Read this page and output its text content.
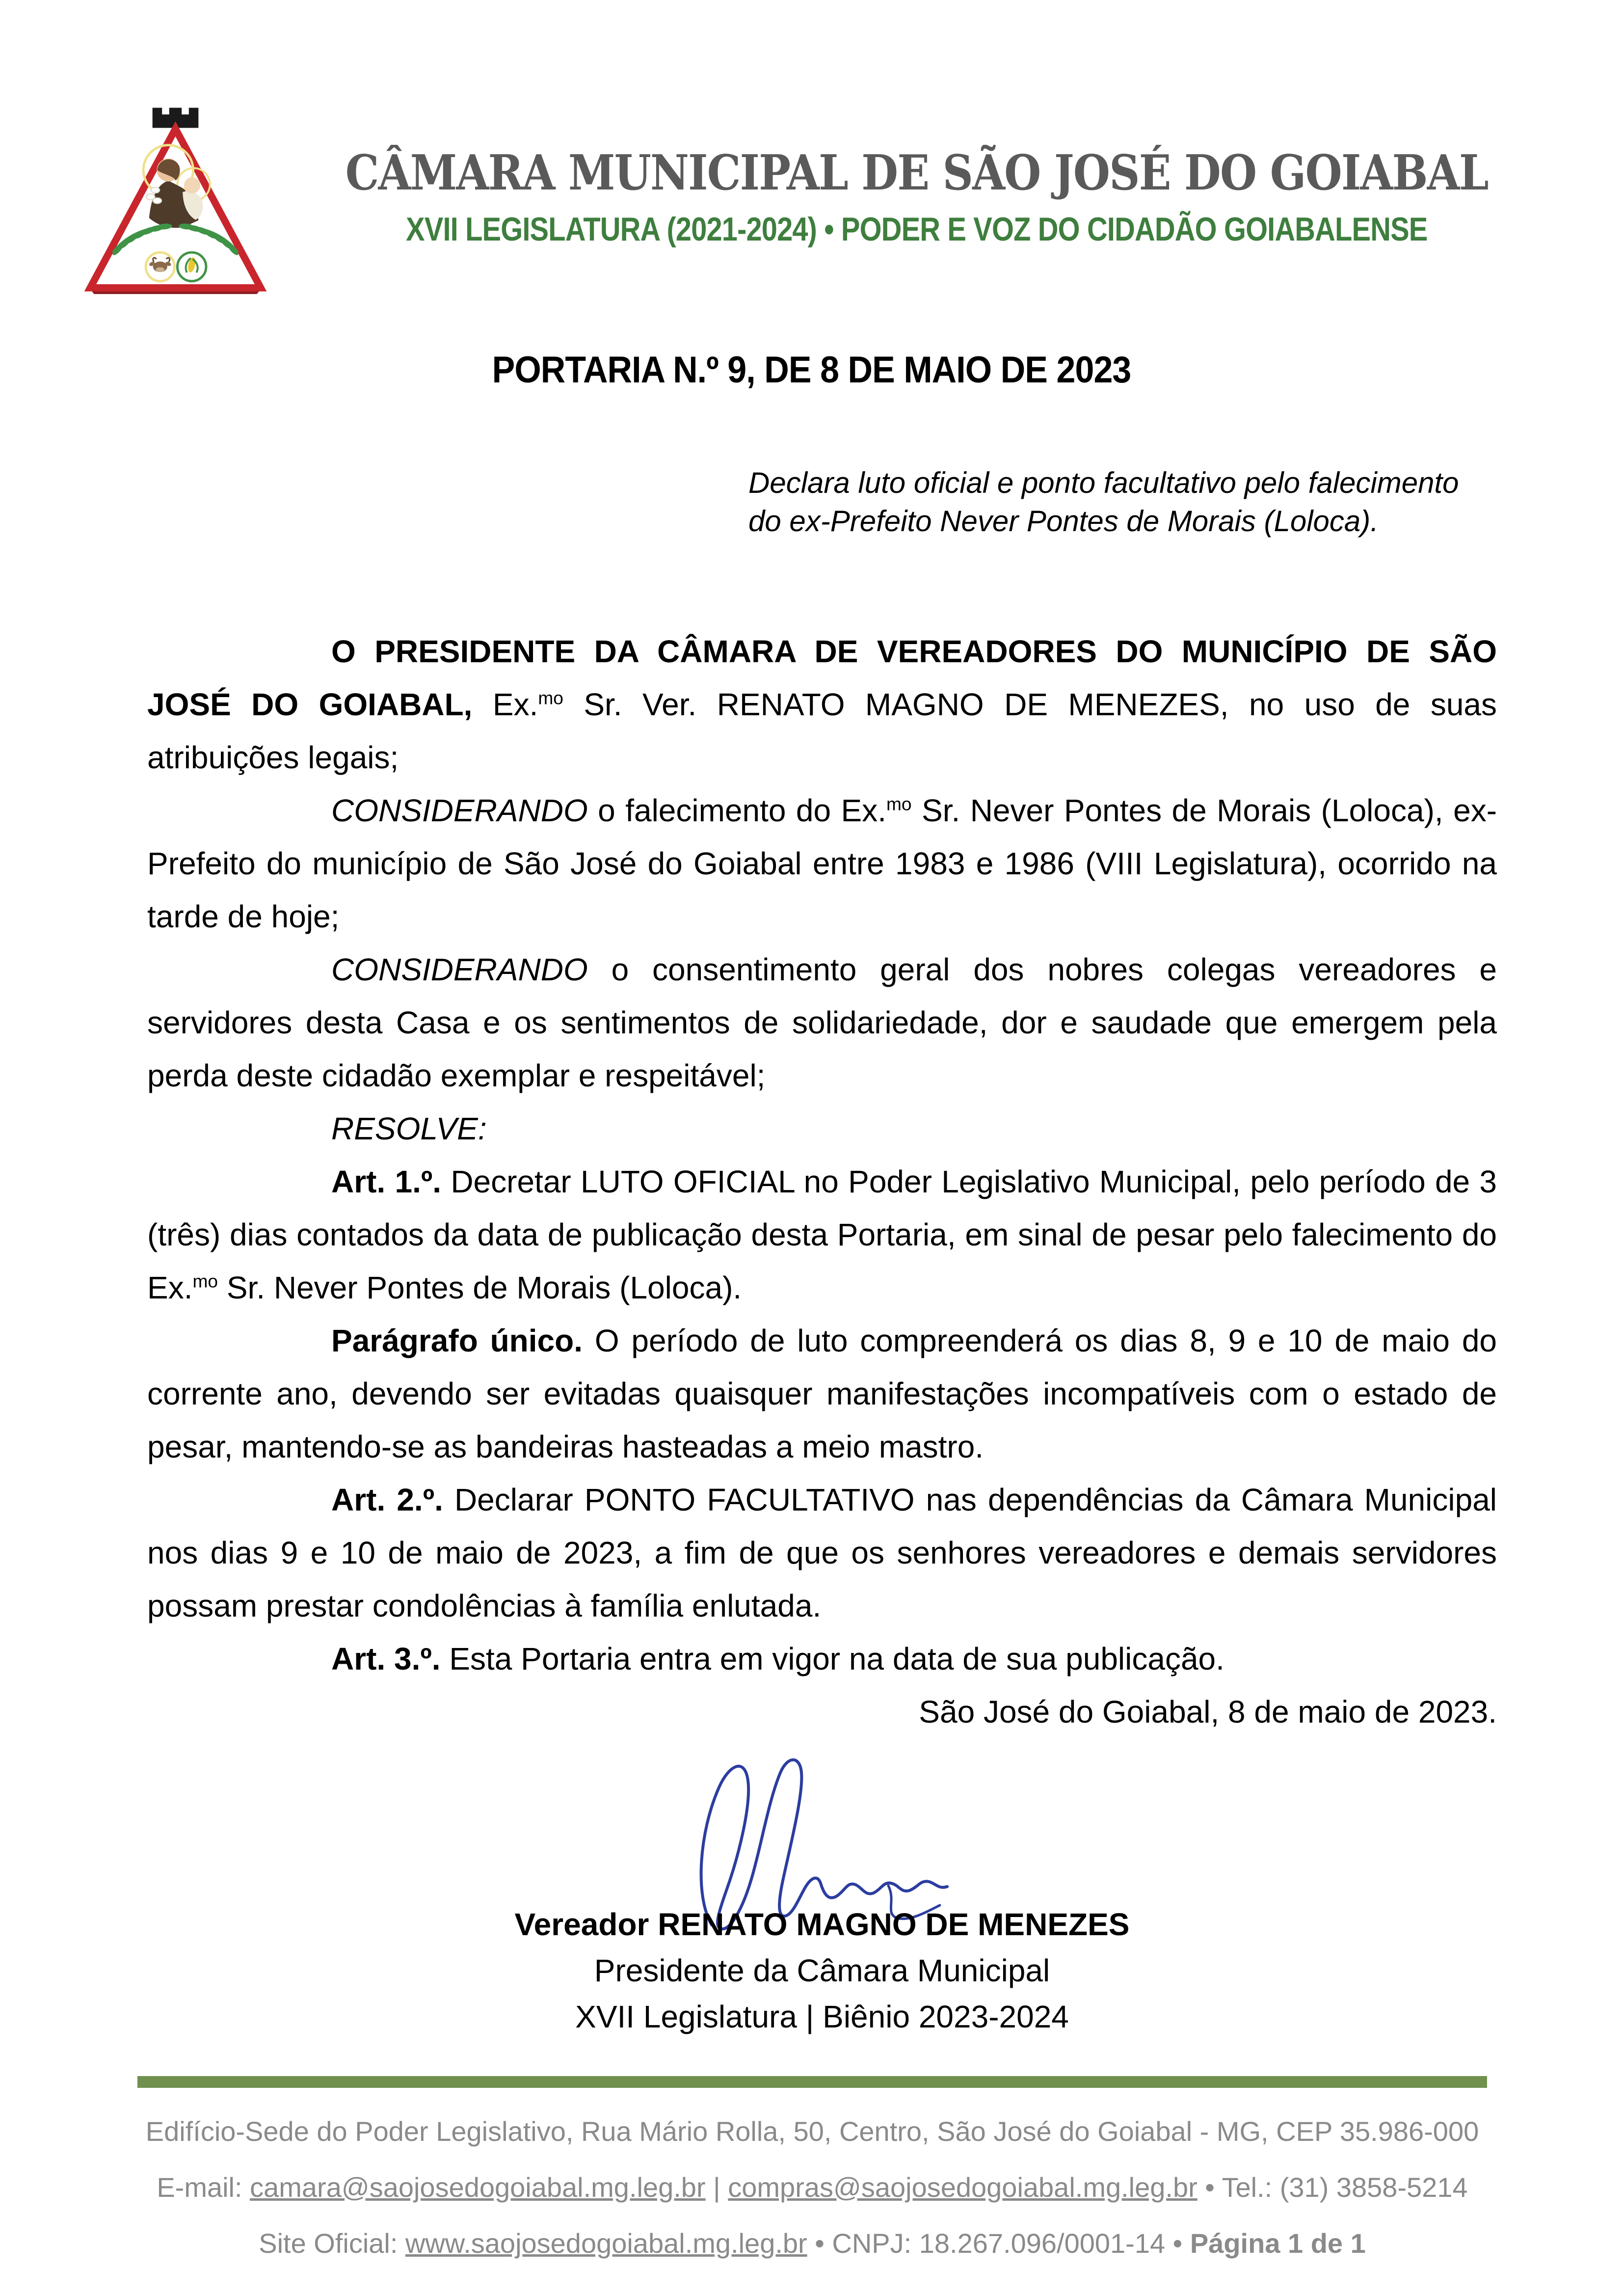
CÂMARA MUNICIPAL DE SÃO JOSÉ DO GOIABAL
XVII LEGISLATURA (2021-2024) • PODER E VOZ DO CIDADÃO GOIABALENSE
PORTARIA N.º 9, DE 8 DE MAIO DE 2023
Declara luto oficial e ponto facultativo pelo falecimento
do ex-Prefeito Never Pontes de Morais (Loloca).

O PRESIDENTE DA CÂMARA DE VEREADORES DO MUNICÍPIO DE SÃO JOSÉ DO GOIABAL, Ex.$^{mo}$ Sr. Ver. RENATO MAGNO DE MENEZES, no uso de suas atribuições legais;

CONSIDERANDO o falecimento do Ex.$^{mo}$ Sr. Never Pontes de Morais (Loloca), ex-Prefeito do município de São José do Goiabal entre 1983 e 1986 (VIII Legislatura), ocorrido na tarde de hoje;

CONSIDERANDO o consentimento geral dos nobres colegas vereadores e servidores desta Casa e os sentimentos de solidariedade, dor e saudade que emergem pela perda deste cidadão exemplar e respeitável;

RESOLVE:

Art. 1.º. Decretar LUTO OFICIAL no Poder Legislativo Municipal, pelo período de 3 (três) dias contados da data de publicação desta Portaria, em sinal de pesar pelo falecimento do Ex.$^{mo}$ Sr. Never Pontes de Morais (Loloca).

Parágrafo único. O período de luto compreenderá os dias 8, 9 e 10 de maio do corrente ano, devendo ser evitadas quaisquer manifestações incompatíveis com o estado de pesar, mantendo-se as bandeiras hasteadas a meio mastro.

Art. 2.º. Declarar PONTO FACULTATIVO nas dependências da Câmara Municipal nos dias 9 e 10 de maio de 2023, a fim de que os senhores vereadores e demais servidores possam prestar condolências à família enlutada.

Art. 3.º. Esta Portaria entra em vigor na data de sua publicação.

São José do Goiabal, 8 de maio de 2023.

Vereador RENATO MAGNO DE MENEZES
Presidente da Câmara Municipal
XVII Legislatura | Biênio 2023-2024
Edifício-Sede do Poder Legislativo, Rua Mário Rolla, 50, Centro, São José do Goiabal - MG, CEP 35.986-000
E-mail: camara@saojosedogoiabal.mg.leg.br | compras@saojosedogoiabal.mg.leg.br • Tel.: (31) 3858-5214
Site Oficial: www.saojosedogoiabal.mg.leg.br • CNPJ: 18.267.096/0001-14 • Página 1 de 1
